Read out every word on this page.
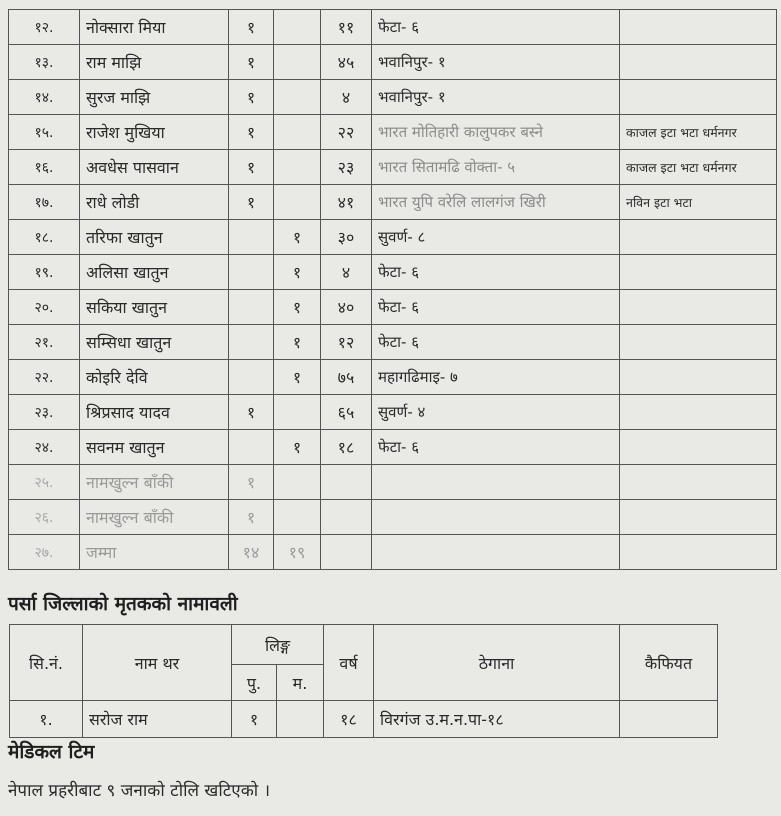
१२.	नोक्सारा मिया	१		११	फेटा- ६	
१३.	राम माझि	१		४५	भवानिपुर- १	
१४.	सुरज माझि	१		४	भवानिपुर- १	
१५.	राजेश मुखिया	१		२२	भारत मोतिहारी कालुपकर बस्ने	काजल इटा भटा धर्मनगर
१६.	अवधेस पासवान	१		२३	भारत सितामढि वोक्ता- ५	काजल इटा भटा धर्मनगर
१७.	राधे लोडी	१		४१	भारत युपि वरेलि लालगंज खिरी	नविन इटा भटा
१८.	तरिफा खातुन		१	३०	सुवर्ण- ८	
१९.	अलिसा खातुन		१	४	फेटा- ६	
२०.	सकिया खातुन		१	४०	फेटा- ६	
२१.	सम्सिधा खातुन		१	१२	फेटा- ६	
२२.	कोइरि देवि		१	७५	महागढिमाइ- ७	
२३.	श्रिप्रसाद यादव	१		६५	सुवर्ण- ४	
२४.	सवनम खातुन		१	१८	फेटा- ६	
२५.	नामखुल्न बाँकी	१				
२६.	नामखुल्न बाँकी	१				
२७.	जम्मा	१४	१९			
पर्सा जिल्लाको मृतकको नामावली
सि.नं.	नाम थर	लिङ्ग		वर्ष	ठेगाना	कैफियत
		पु.	म.			
१.	सरोज राम	१		१८	विरगंज उ.म.न.पा-१८	
मेडिकल टिम
नेपाल प्रहरीबाट ९ जनाको टोलि खटिएको ।
